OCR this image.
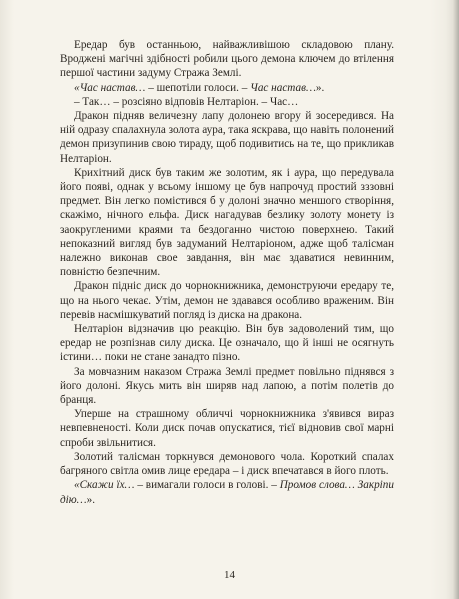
Ередар був останньою, найважливішою складовою плану. Вроджені магічні здібності робили цього демона ключем до втілення першої частини задуму Стража Землі.

«Час настав… – шепотіли голоси. – Час настав…».

– Так… – розсіяно відповів Нелтаріон. – Час…

Дракон підняв величезну лапу долонею вгору й зосередився. На ній одразу спалахнула золота аура, така яскрава, що навіть полонений демон призупинив свою тираду, щоб подивитись на те, що прикликав Нелтаріон.

Крихітний диск був таким же золотим, як і аура, що передувала його появі, однак у всьому іншому це був напрочуд простий зззовні предмет. Він легко помістився б у долоні значно меншого створіння, скажімо, нічного ельфа. Диск нагадував безлику золоту монету із заокругленими краями та бездоганно чистою поверхнею. Такий непоказний вигляд був задуманий Нелтаріоном, адже щоб талісман належно виконав свое завдання, він має здаватися невинним, повністю безпечним.

Дракон підніс диск до чорнокнижника, демонструючи ередару те, що на нього чекає. Утім, демон не здавався особливо враженим. Він перевів насмішкуватий погляд із диска на дракона.

Нелтаріон відзначив цю реакцію. Він був задоволений тим, що ередар не розпізнав силу диска. Це означало, що й інші не осягнуть істини… поки не стане занадто пізно.

За мовчазним наказом Стража Землі предмет повільно піднявся з його долоні. Якусь мить він ширяв над лапою, а потім полетів до бранця.

Уперше на страшному обличчі чорнокнижника з'явився вираз невпевненості. Коли диск почав опускатися, тієї відновив свої марні спроби звільнитися.

Золотий талісман торкнувся демонового чола. Короткий спалах багряного світла омив лице ередара – і диск впечатався в його плоть.

«Скажи їх… – вимагали голоси в голові. – Промов слова… Закріпи дію…».

14
